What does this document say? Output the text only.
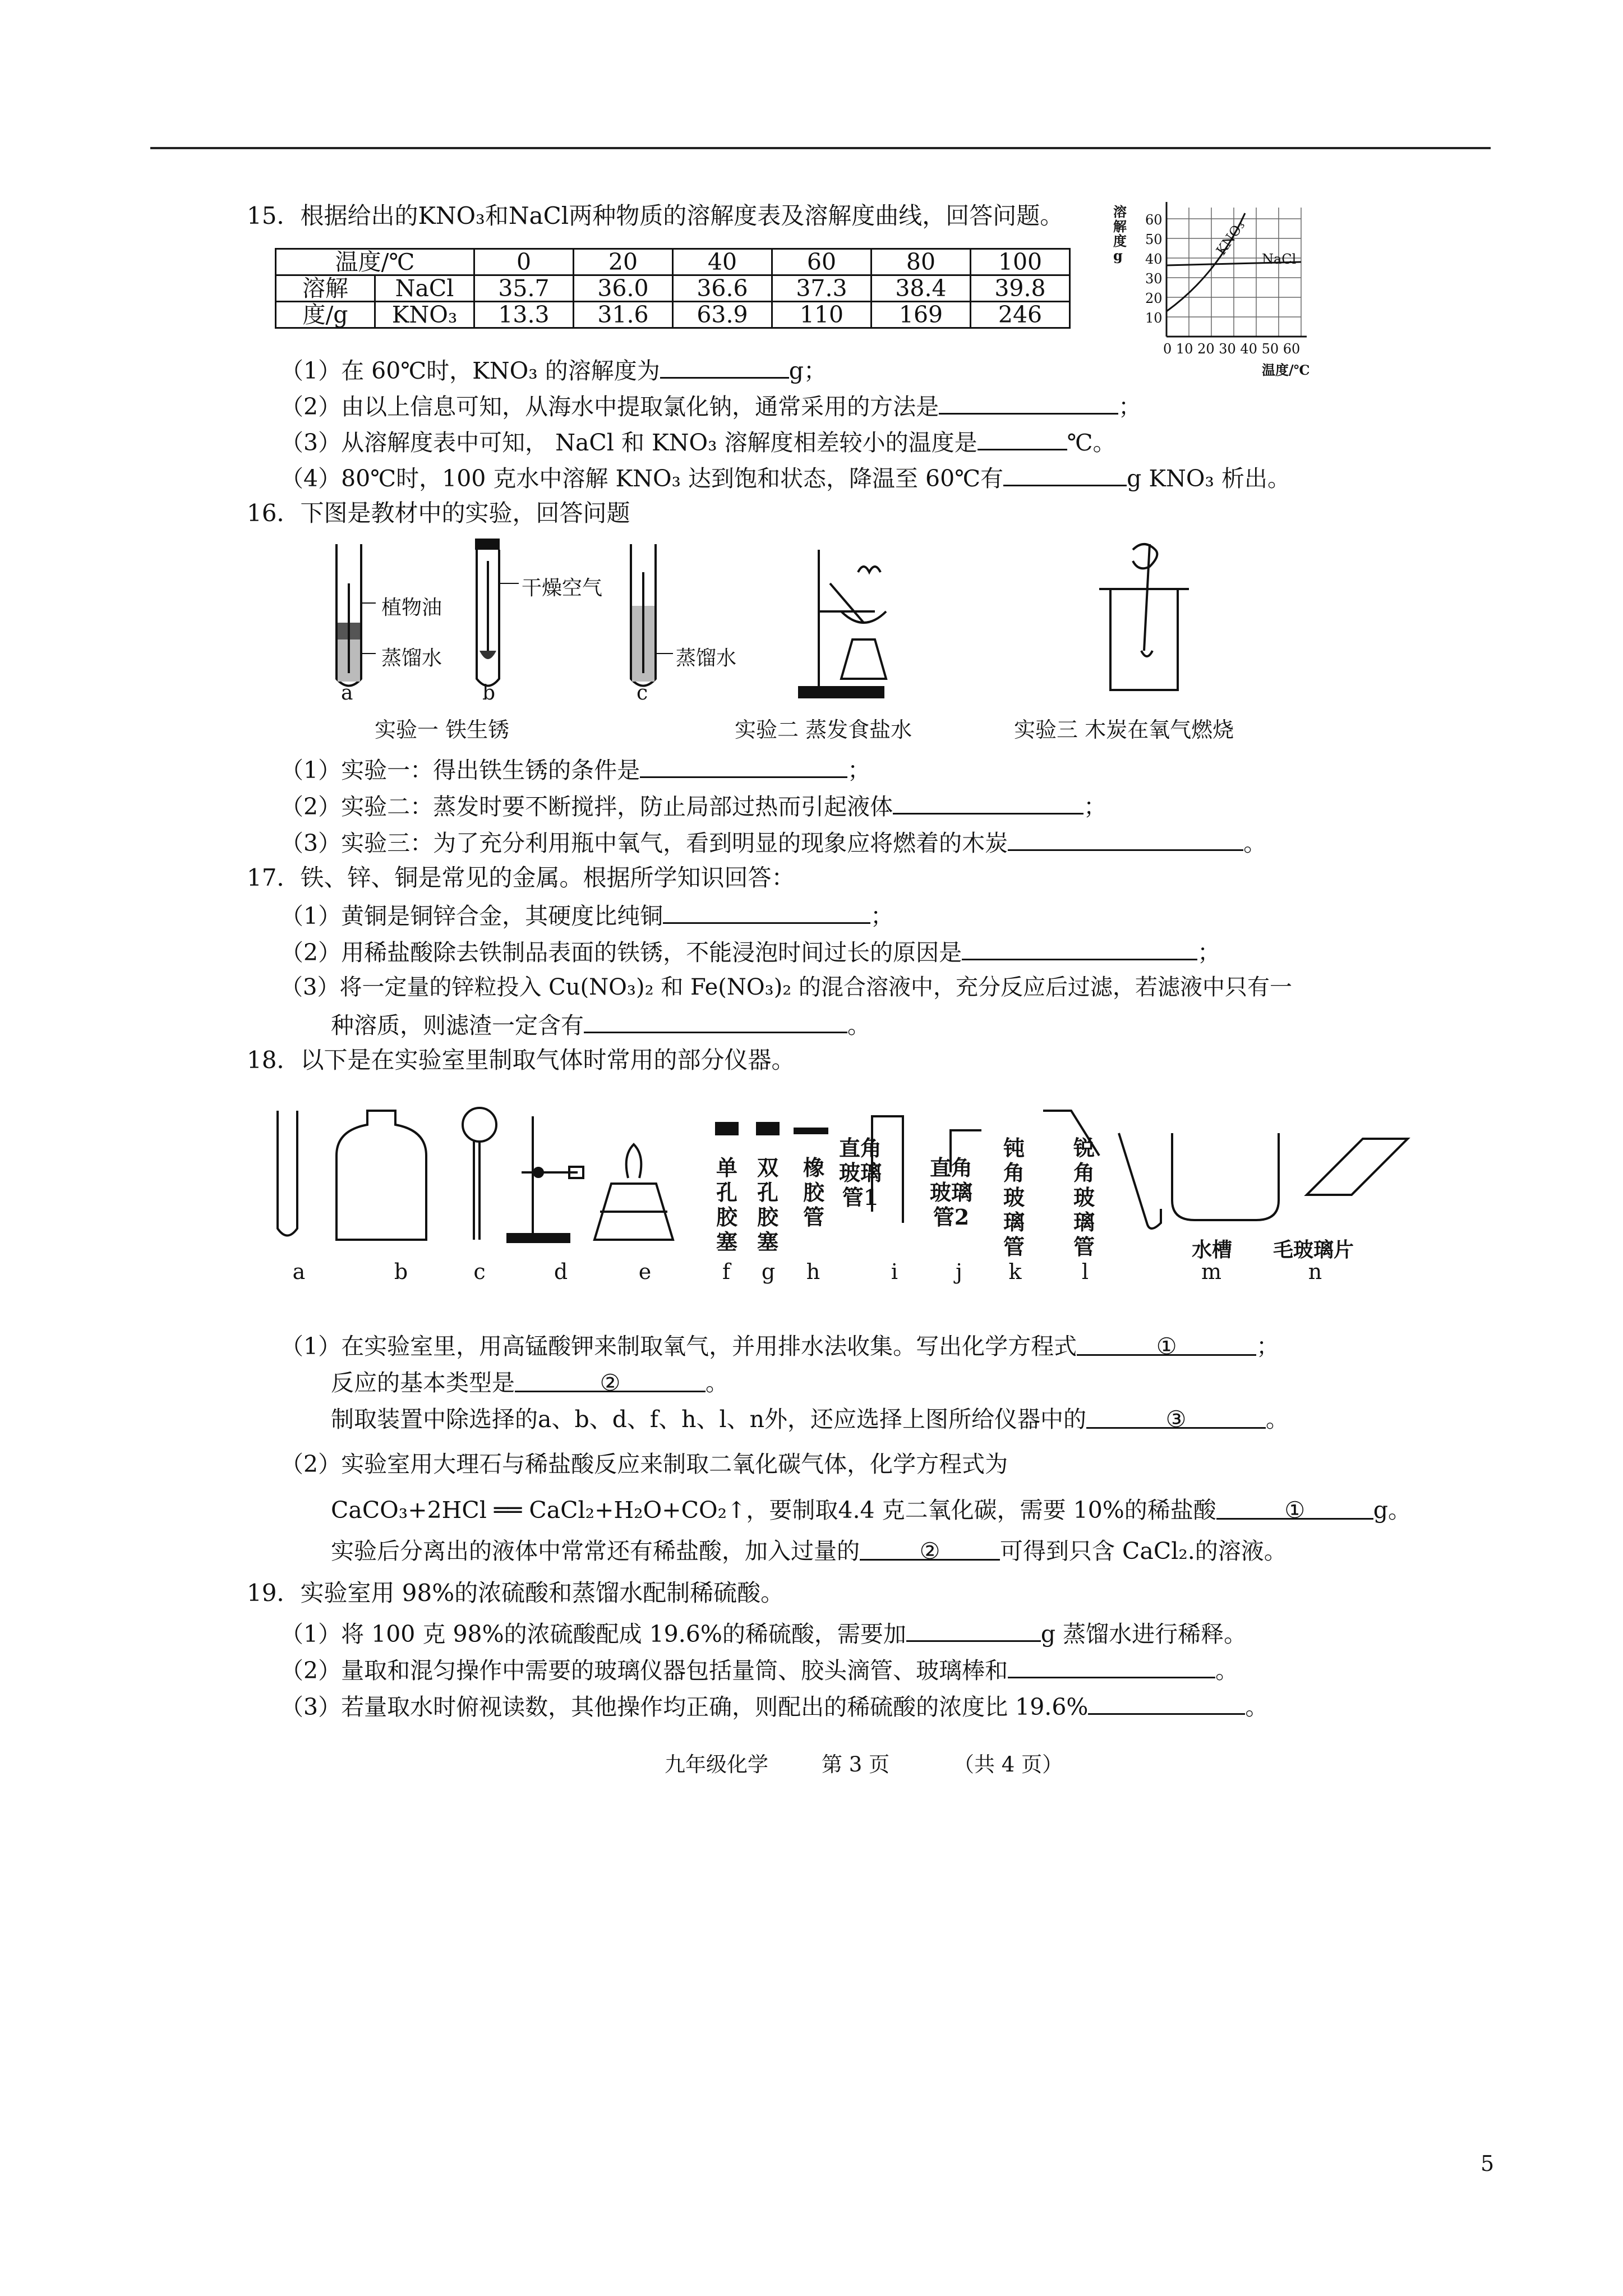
15．根据给出的KNO₃和NaCl两种物质的溶解度表及溶解度曲线，回答问题。
温度/℃		0	20	40	60	80	100
溶解	NaCl	35.7	36.0	36.6	37.3	38.4	39.8
度/g	KNO₃	13.3	31.6	63.9	110	169	246
溶解度g
60
50
40
30
20
10
0 10 20 30 40 50 60
温度/℃
KNO₃
NaCl
（1）在 60℃时，KNO₃ 的溶解度为	g；
（2）由以上信息可知，从海水中提取氯化钠，通常采用的方法是	；
（3）从溶解度表中可知， NaCl 和 KNO₃ 溶解度相差较小的温度是	℃。
（4）80℃时，100 克水中溶解 KNO₃ 达到饱和状态，降温至 60℃有	g KNO₃ 析出。
16．下图是教材中的实验，回答问题
植物油
蒸馏水
干燥空气
蒸馏水
a	b	c
实验一 铁生锈	实验二 蒸发食盐水	实验三 木炭在氧气燃烧
（1）实验一：得出铁生锈的条件是	；
（2）实验二：蒸发时要不断搅拌，防止局部过热而引起液体	；
（3）实验三：为了充分利用瓶中氧气，看到明显的现象应将燃着的木炭	。
17．铁、锌、铜是常见的金属。根据所学知识回答：
（1）黄铜是铜锌合金，其硬度比纯铜	；
（2）用稀盐酸除去铁制品表面的铁锈，不能浸泡时间过长的原因是	；
（3）将一定量的锌粒投入 Cu(NO₃)₂ 和 Fe(NO₃)₂ 的混合溶液中，充分反应后过滤，若滤液中只有一
种溶质，则滤渣一定含有	。
18．以下是在实验室里制取气体时常用的部分仪器。
单孔胶塞
双孔胶塞
橡胶管
直角玻璃管1
直角玻璃管2
钝角玻璃管
锐角玻璃管	水槽 毛玻璃片
a	b	c	d	e	f	g	h	i	j	k	l	m	n
（1）在实验室里，用高锰酸钾来制取氧气，并用排水法收集。写出化学方程式	①	；
反应的基本类型是	②	。
制取装置中除选择的a、b、d、f、h、l、n外，还应选择上图所给仪器中的	③	。
（2）实验室用大理石与稀盐酸反应来制取二氧化碳气体，化学方程式为
CaCO₃+2HCl ══ CaCl₂+H₂O+CO₂↑，要制取4.4 克二氧化碳，需要 10%的稀盐酸	①	g。
实验后分离出的液体中常常还有稀盐酸，加入过量的	②	可得到只含 CaCl₂.的溶液。
19．实验室用 98%的浓硫酸和蒸馏水配制稀硫酸。
（1）将 100 克 98%的浓硫酸配成 19.6%的稀硫酸，需要加	g 蒸馏水进行稀释。
（2）量取和混匀操作中需要的玻璃仪器包括量筒、胶头滴管、玻璃棒和	。
（3）若量取水时俯视读数，其他操作均正确，则配出的稀硫酸的浓度比 19.6%	。
九年级化学	第 3 页	（共 4 页）
5
